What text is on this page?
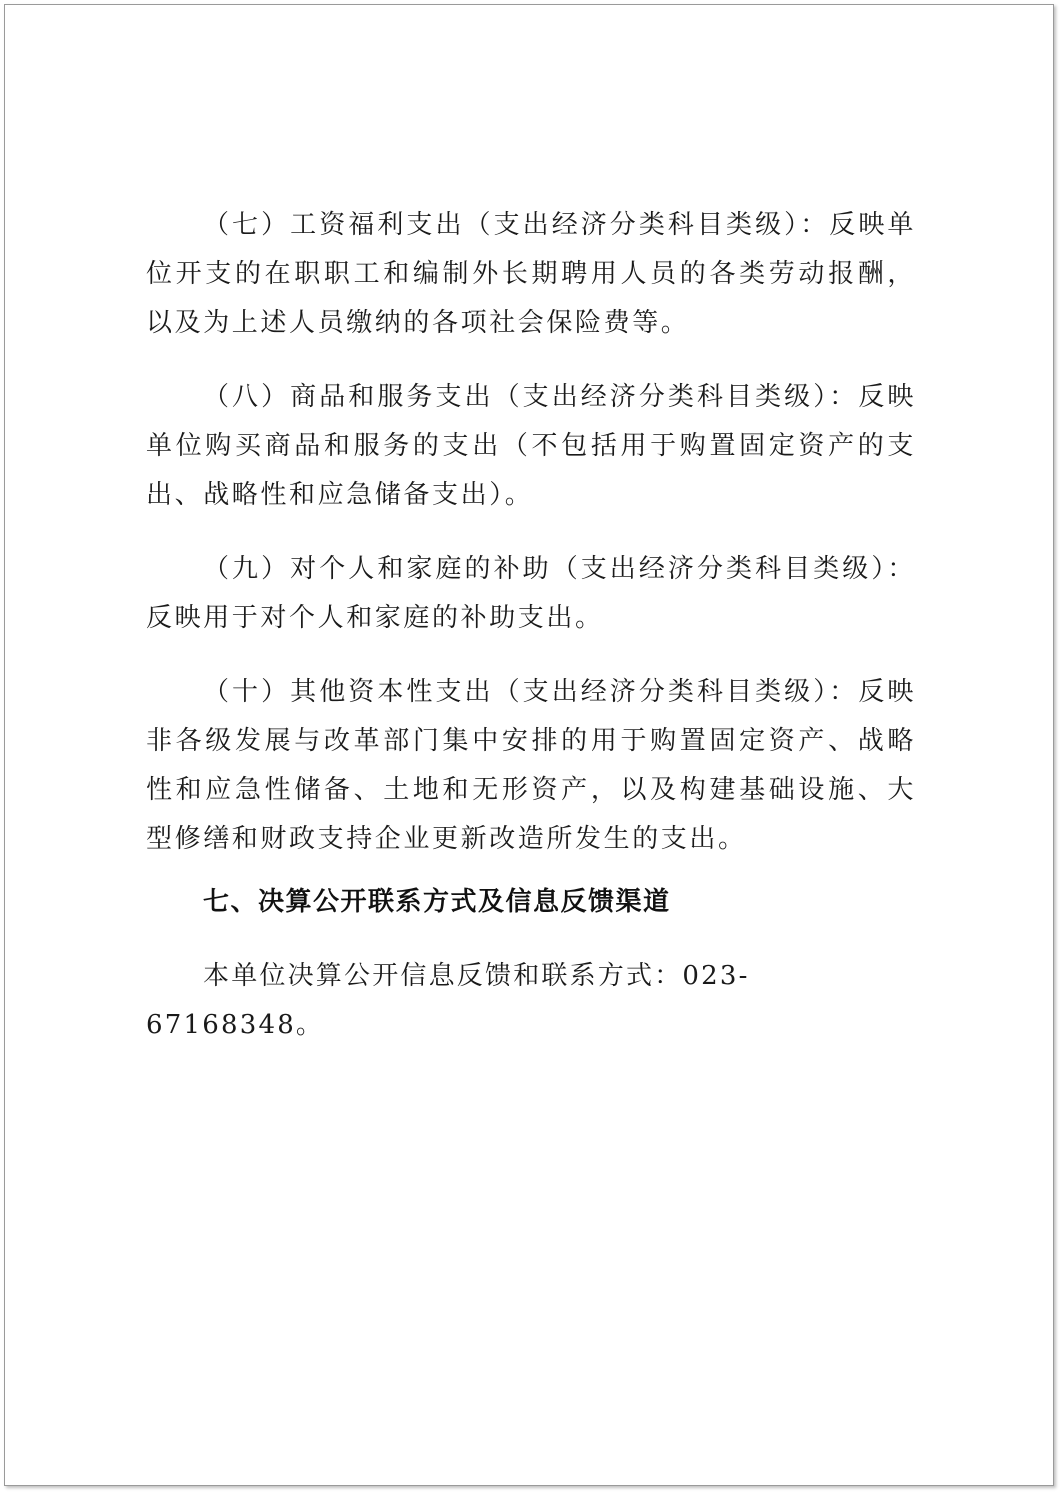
（七）工资福利支出（支出经济分类科目类级）：反映单位开支的在职职工和编制外长期聘用人员的各类劳动报酬，以及为上述人员缴纳的各项社会保险费等。

（八）商品和服务支出（支出经济分类科目类级）：反映单位购买商品和服务的支出（不包括用于购置固定资产的支出、战略性和应急储备支出）。

（九）对个人和家庭的补助（支出经济分类科目类级）：反映用于对个人和家庭的补助支出。

（十）其他资本性支出（支出经济分类科目类级）：反映非各级发展与改革部门集中安排的用于购置固定资产、战略性和应急性储备、土地和无形资产，以及构建基础设施、大型修缮和财政支持企业更新改造所发生的支出。

七、决算公开联系方式及信息反馈渠道

本单位决算公开信息反馈和联系方式：023-67168348。
